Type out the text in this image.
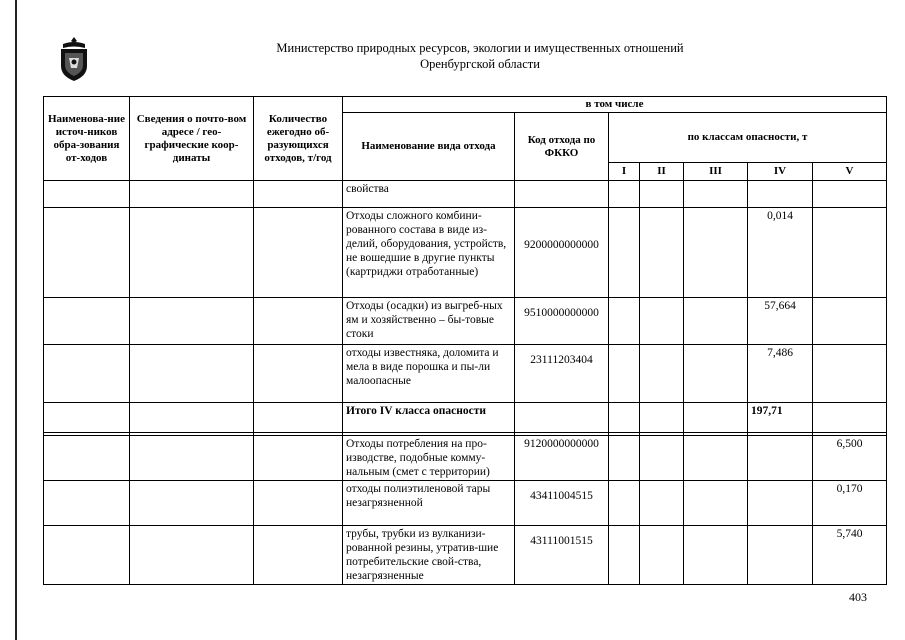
Министерство природных ресурсов, экологии и имущественных отношений
Оренбургской области
Наименова-ние источ-ников обра-зования от-ходов	Сведения о почто-вом адресе / гео-графические коор-динаты	Количество ежегодно об-разующихся отходов, т/год	в том числе						
			Наименование вида отхода	Код отхода по ФККО	по классам опасности, т				
					I	II	III	IV	V
			свойства						
			Отходы сложного комбини-рованного состава в виде из-делий, оборудования, устройств, не вошедшие в другие пункты (картриджи отработанные)	9200000000000				0,014	
			Отходы (осадки) из выгреб-ных ям и хозяйственно – бы-товые стоки	9510000000000				57,664	
			отходы известняка, доломита и мела в виде порошка и пы-ли малоопасные	23111203404				7,486	
			Итого IV класса опасности					197,71	

			Отходы потребления на про-изводстве, подобные комму-нальным (смет с территории)	9120000000000					6,500
			отходы полиэтиленовой тары незагрязненной	43411004515					0,170
			трубы, трубки из вулканизи-рованной резины, утратив-шие потребительские свой-ства, незагрязненные	43111001515					5,740
403
